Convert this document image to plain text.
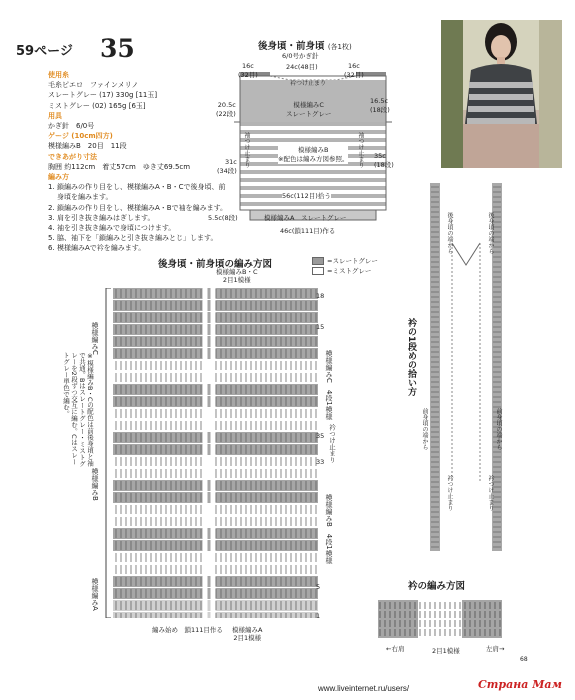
59ページ 35
使用糸
毛糸ピエロ　ファインメリノ
スレートグレー (17) 330g [11玉]
ミストグレー (02) 165g [6玉]
用具
かぎ針　6/0号
ゲージ (10cm四方)
模様編みB　20目　11段
できあがり寸法
胸囲 約112cm　着丈57cm　ゆき丈69.5cm
編み方
1. 鎖編みの作り目をし、模様編みA・B・Cで後身頃、前身頃を編みます。
2. 鎖編みの作り目をし、模様編みA・Bで袖を編みます。
3. 肩を引き抜き編みはぎします。
4. 袖を引き抜き編みで身頃につけます。
5. 脇、袖下を「鎖編みと引き抜き編みとじ」します。
6. 模様編みAで衿を編みます。
後身頃・前身頃 (各1枚)
6/0号かぎ針
16c
(32目)
24c(48目)	16c
(32目)
衿つけ止まり
模様編みC
スレートグレー
模様編みB
※配色は編み方図参照。
20.5c
(22段)
31c
(34段)
16.5c
(18段)
35c
(18段)
袖つけ止まり	袖つけ止まり
56c(112目)拾う
模様編みA　スレートグレー
5.5c(8段)
46c(鎖111目)作る
後身頃・前身頃の編み方図	=スレートグレー
=ミストグレー
模様編みB・C
2目1模様
模様編みC
模様編みB
模様編みA
※模様編みB・Cの配色は前後身頃と袖で共通。Bはスレートグレー・ミストグレーを2段ずつ交互に編む。Cはスレートグレー単色で編む。
18
15
35
33
5
1
模様編みC　4段1模様
衿つけ止まり
模様編みB　4段1模様
編み始め　鎖111目作る 模様編みA
2目1模様
衿の1段めの拾い方
後身頃の端から	後身頃の端から
前身頃の端から	前身頃の端から
衿つけ止まり	衿つけ止まり
衿の編み方図
←右肩	2目1模様	左肩→
68
www.liveinternet.ru/users/	Страна Мам
